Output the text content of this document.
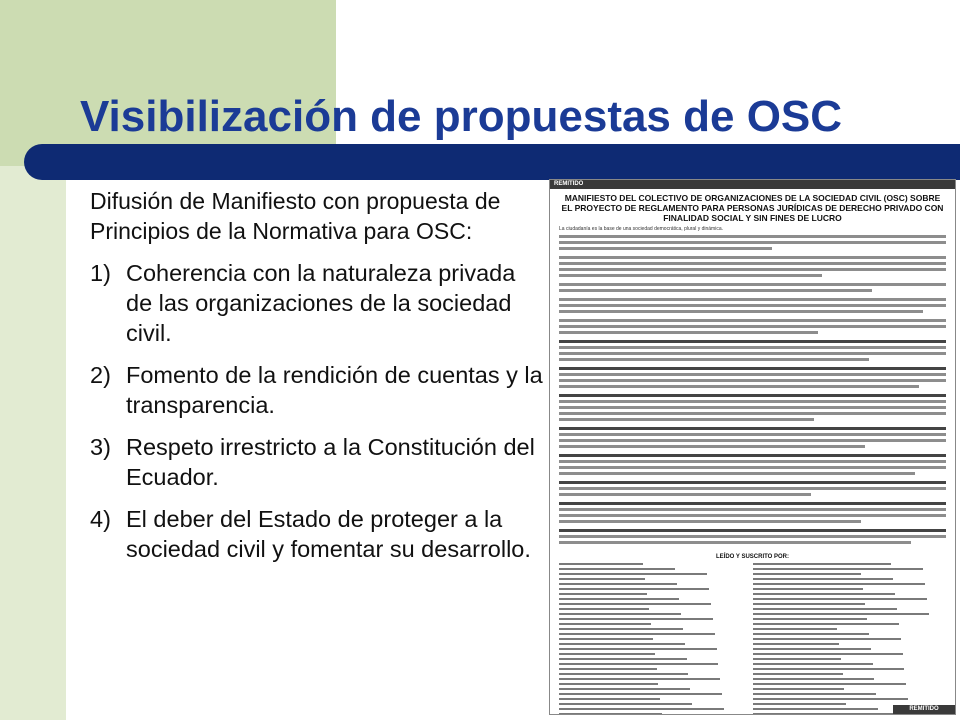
Visibilización de propuestas de OSC

Difusión de Manifiesto con propuesta de Principios de la Normativa para OSC:

1) Coherencia con la naturaleza privada de las organizaciones de la sociedad civil.
2) Fomento de la rendición de cuentas y la transparencia.
3) Respeto irrestricto a la Constitución del Ecuador.
4) El deber del Estado de proteger a la sociedad civil y fomentar su desarrollo.
REMITIDO
MANIFIESTO DEL COLECTIVO DE ORGANIZACIONES DE LA SOCIEDAD CIVIL (OSC) SOBRE EL PROYECTO DE REGLAMENTO PARA PERSONAS JURÍDICAS DE DERECHO PRIVADO CON FINALIDAD SOCIAL Y SIN FINES DE LUCRO

La ciudadanía es la base de una sociedad democrática, plural y dinámica.

LEÍDO Y SUSCRITO POR:
REMITIDO
